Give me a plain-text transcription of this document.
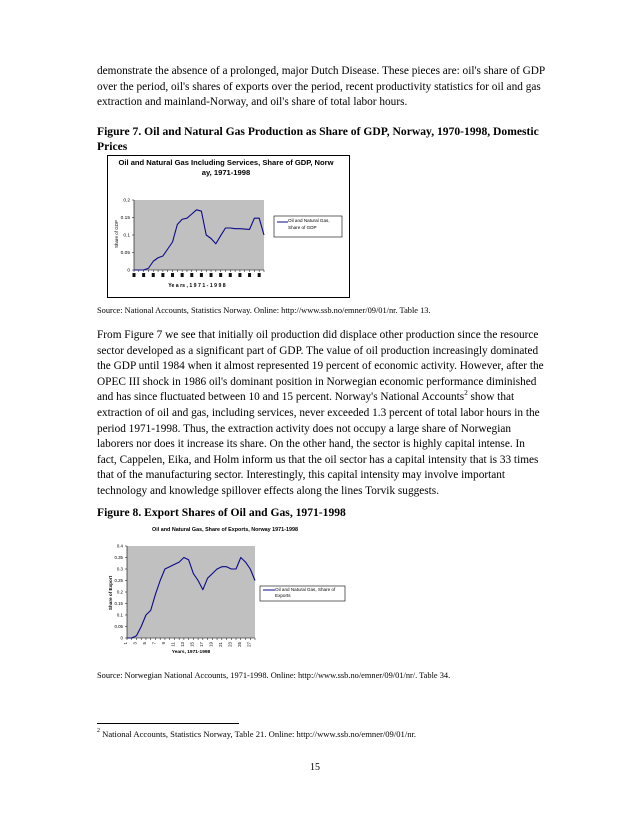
demonstrate the absence of a prolonged, major Dutch Disease. These pieces are: oil's share of GDP over the period, oil's shares of exports over the period, recent productivity statistics for oil and gas extraction and mainland-Norway, and oil's share of total labor hours.

Figure 7. Oil and Natural Gas Production as Share of GDP, Norway, 1970-1998, Domestic Prices

Oil and Natural Gas Including Services, Share of GDP, Norw ay, 1971-1998
Share of GDP
Ye a rs , 1 9 7 1 - 1 9 9 8
Oil and Natural Gas, Share of GDP
0
0.05
0.1
0.15
0.2

Source: National Accounts, Statistics Norway. Online: http://www.ssb.no/emner/09/01/nr. Table 13.

From Figure 7 we see that initially oil production did displace other production since the resource sector developed as a significant part of GDP. The value of oil production increasingly dominated the GDP until 1984 when it almost represented 19 percent of economic activity. However, after the OPEC III shock in 1986 oil's dominant position in Norwegian economic performance diminished and has since fluctuated between 10 and 15 percent. Norway's National Accounts$^2$ show that extraction of oil and gas, including services, never exceeded 1.3 percent of total labor hours in the period 1971-1998. Thus, the extraction activity does not occupy a large share of Norwegian laborers nor does it increase its share. On the other hand, the sector is highly capital intense. In fact, Cappelen, Eika, and Holm inform us that the oil sector has a capital intensity that is 33 times that of the manufacturing sector. Interestingly, this capital intensity may involve important technology and knowledge spillover effects along the lines Torvik suggests.

Figure 8. Export Shares of Oil and Gas, 1971-1998

Oil and Natural Gas, Share of Exports, Norway 1971-1998
Share of Export
Years, 1971-1998
Oil and Natural Gas, Share of Exports
0
0.05
0.1
0.15
0.2
0.25
0.3
0.35
0.4
1 3 5 7 9 11 13 15 17 19 21 23 25 27

Source: Norwegian National Accounts, 1971-1998. Online: http://www.ssb.no/emner/09/01/nr/. Table 34.

$^2$ National Accounts, Statistics Norway, Table 21. Online: http://www.ssb.no/emner/09/01/nr.
15
